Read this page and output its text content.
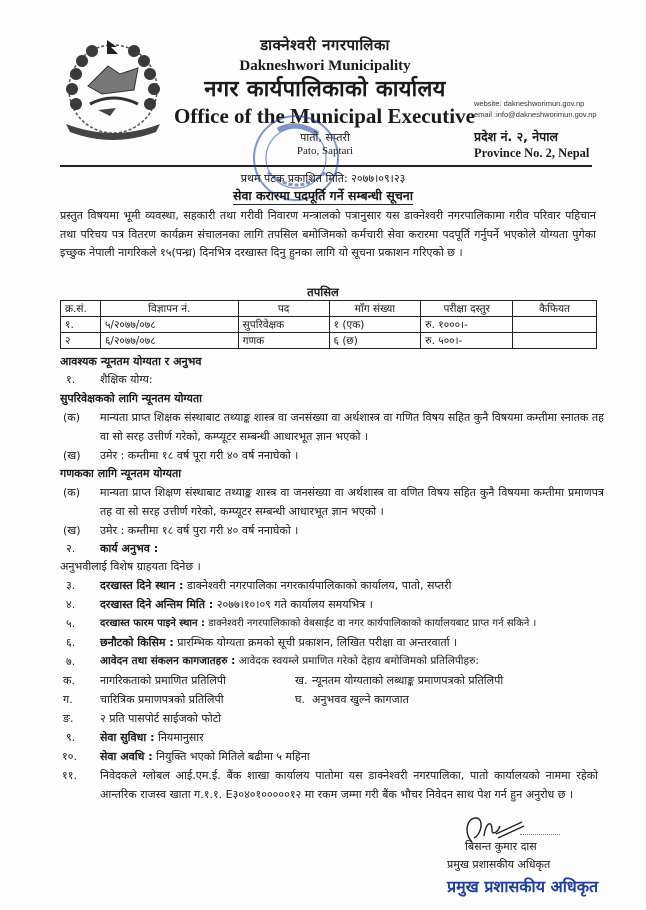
डाक्नेश्वरी नगरपालिका
Dakneshwori Municipality
नगर कार्यपालिकाको कार्यालय
Office of the Municipal Executive
पातो, सप्तरी
Pato, Saptari
website: dakneshworimun.gov.np
email :info@dakneshworimun.gov.np
प्रदेश नं. २, नेपाल
Province No. 2, Nepal
प्रथम पटक प्रकाशित मिति: २०७७।०९।२३
सेवा करारमा पदपूर्ति गर्ने सम्बन्धी सूचना
प्रस्तुत विषयमा भूमी व्यवस्था, सहकारी तथा गरीवी निवारण मन्त्रालको पत्रानुसार यस डाक्नेश्वरी नगरपालिकामा गरीव परिवार पहिचान तथा परिचय पत्र वितरण कार्यक्रम संचालनका लागि तपसिल बमोजिमको कर्मचारी सेवा करारमा पदपूर्ति गर्नुपर्ने भएकोले योग्यता पुगेका इच्छुक नेपाली नागरिकले १५(पन्ध्र) दिनभित्र दरखास्त दिनु हुनका लागि यो सूचना प्रकाशन गरिएको छ ।
तपसिल
क्र.सं.	विज्ञापन नं.	पद	माँग संख्या	परीक्षा दस्तुर	कैफियत
१.	५/२०७७/०७८	सुपरिवेक्षक	१ (एक)	रु. १०००।-	
२	६/२०७७/०७८	गणक	६ (छ)	रु. ५००।-	
आवश्यक न्यूनतम योग्यता र अनुभव
१. शैक्षिक योग्य:
सुपरिवेक्षकको लागि न्यूनतम योग्यता
(क) मान्यता प्राप्त शिक्षक संस्थाबाट तथ्याङ्क शास्त्र वा जनसंख्या वा अर्थशास्त्र वा गणित विषय सहित कुनै विषयमा कम्तीमा स्नातक तह वा सो सरह उत्तीर्ण गरेको, कम्प्यूटर सम्बन्धी आधारभूत ज्ञान भएको ।
(ख) उमेर : कम्तीमा १८ वर्ष पूरा गरी ४० वर्ष ननाघेको ।
गणकका लागि न्यूनतम योग्यता
(क) मान्यता प्राप्त शिक्षण संस्थाबाट तथ्याङ्क शास्त्र वा जनसंख्या वा अर्थशास्त्र वा वणित विषय सहित कुनै विषयमा कम्तीमा प्रमाणपत्र तह वा सो सरह उत्तीर्ण गरेको, कम्प्यूटर सम्बन्धी आधारभूत ज्ञान भएको ।
(ख) उमेर : कम्तीमा १८ वर्ष पुरा गरी ४० वर्ष ननाघेको ।
२. कार्य अनुभव :
अनुभवीलाई विशेष ग्राहयता दिनेछ ।
३. दरखास्त दिने स्थान : डाक्नेश्वरी नगरपालिका नगरकार्यपालिकाको कार्यालय, पातो, सप्तरी
४. दरखास्त दिने अन्तिम मिति : २०७७।१०।०९ गते कार्यालय समयभित्र ।
५. दरखास्त फारम पाइने स्थान : डाक्नेश्वरी नगरपालिकाको वेबसाईट वा नगर कार्यपालिकाको कार्यालयबाट प्राप्त गर्न सकिने ।
६. छनौटको किसिम : प्रारम्भिक योग्यता क्रमको सूची प्रकाशन, लिखित परीक्षा वा अन्तरवार्ता ।
७. आवेदन तथा संकलन कागजातहरु : आवेदक स्वयम्ले प्रमाणित गरेको देहाय बमोजिमको प्रतिलिपीहरु:
क. नागरिकताको प्रमाणित प्रतिलिपी	ख. न्यूनतम योग्यताको लब्धाङ्क प्रमाणपत्रको प्रतिलिपी
ग. चारित्रिक प्रमाणपत्रको प्रतिलिपी	घ. अनुभवव खुल्ने कागजात
ङ. २ प्रति पासपोर्ट साईजको फोटो
९. सेवा सुविधा : नियमानुसार
१०. सेवा अवधि : नियुक्ति भएको मितिले बढीमा ५ महिना
११. निवेदकले ग्लोबल आई.एम.ई. बैंक शाखा कार्यालय पातोमा यस डाक्नेश्वरी नगरपालिका, पातो कार्यालयको नाममा रहेको आन्तरिक राजस्व खाता ग.१.१. E३०४०१०००००१२ मा रकम जम्मा गरी बैंक भौचर निवेदन साथ पेश गर्न हुन अनुरोध छ ।
बिसन्त कुमार दास
प्रमुख प्रशासकीय अधिकृत
प्रमुख प्रशासकीय अधिकृत
